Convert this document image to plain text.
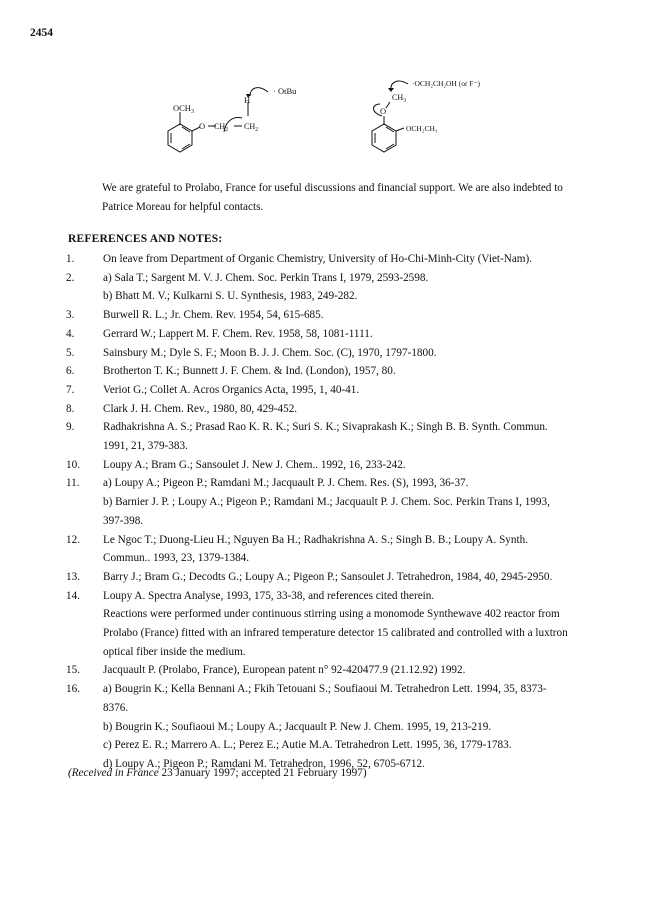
2454
· OtBu
H
$OCH_3$
O $CH_2$ $CH_2$
·OCH₂CH₂OH (or F⁻)
$CH_3$
O
OCH₂CH₃
We are grateful to Prolabo, France for useful discussions and financial support. We are also indebted to
Patrice Moreau for helpful contacts.
REFERENCES AND NOTES:
1.	On leave from Department of Organic Chemistry, University of Ho-Chi-Minh-City (Viet-Nam).
2.	a) Sala T.; Sargent M. V. J. Chem. Soc. Perkin Trans I, 1979, 2593-2598.
b) Bhatt M. V.; Kulkarni S. U. Synthesis, 1983, 249-282.
3.	Burwell R. L.; Jr. Chem. Rev. 1954, 54, 615-685.
4.	Gerrard W.; Lappert M. F. Chem. Rev. 1958, 58, 1081-1111.
5.	Sainsbury M.; Dyle S. F.; Moon B. J. J. Chem. Soc. (C), 1970, 1797-1800.
6.	Brotherton T. K.; Bunnett J. F. Chem. & Ind. (London), 1957, 80.
7.	Veriot G.; Collet A. Acros Organics Acta, 1995, 1, 40-41.
8.	Clark J. H. Chem. Rev., 1980, 80, 429-452.
9.	Radhakrishna A. S.; Prasad Rao K. R. K.; Suri S. K.; Sivaprakash K.; Singh B. B. Synth. Commun.
1991, 21, 379-383.
10.	Loupy A.; Bram G.; Sansoulet J. New J. Chem.. 1992, 16, 233-242.
11.	a) Loupy A.; Pigeon P.; Ramdani M.; Jacquault P. J. Chem. Res. (S), 1993, 36-37.
b) Barnier J. P. ; Loupy A.; Pigeon P.; Ramdani M.; Jacquault P. J. Chem. Soc. Perkin Trans I, 1993,
397-398.
12.	Le Ngoc T.; Duong-Lieu H.; Nguyen Ba H.; Radhakrishna A. S.; Singh B. B.; Loupy A. Synth.
Commun.. 1993, 23, 1379-1384.
13.	Barry J.; Bram G.; Decodts G.; Loupy A.; Pigeon P.; Sansoulet J. Tetrahedron, 1984, 40, 2945-2950.
14.	Loupy A. Spectra Analyse, 1993, 175, 33-38, and references cited therein.
Reactions were performed under continuous stirring using a monomode Synthewave 402 reactor from
Prolabo (France) fitted with an infrared temperature detector 15 calibrated and controlled with a luxtron
optical fiber inside the medium.
15.	Jacquault P. (Prolabo, France), European patent n° 92-420477.9 (21.12.92) 1992.
16.	a) Bougrin K.; Kella Bennani A.; Fkih Tetouani S.; Soufiaoui M. Tetrahedron Lett. 1994, 35, 8373-
8376.
b) Bougrin K.; Soufiaoui M.; Loupy A.; Jacquault P. New J. Chem. 1995, 19, 213-219.
c) Perez E. R.; Marrero A. L.; Perez E.; Autie M.A. Tetrahedron Lett. 1995, 36, 1779-1783.
d) Loupy A.; Pigeon P.; Ramdani M. Tetrahedron, 1996, 52, 6705-6712.
(Received in France 23 January 1997; accepted 21 February 1997)
